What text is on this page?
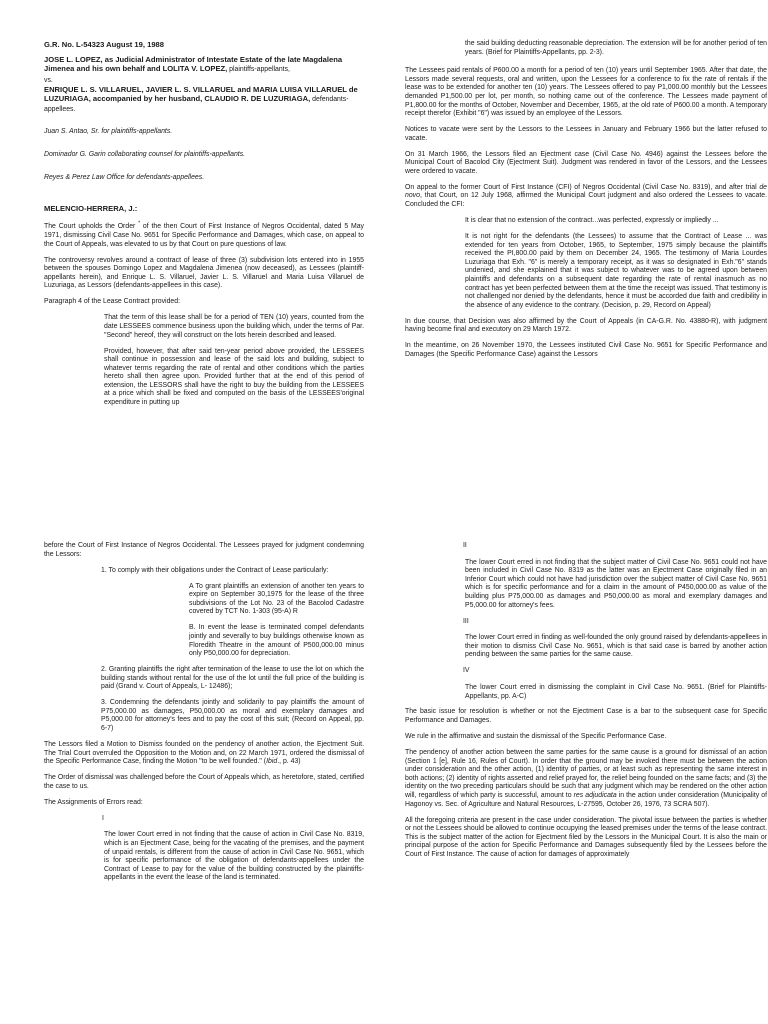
G.R. No. L-54323 August 19, 1988

JOSE L. LOPEZ, as Judicial Administrator of Intestate Estate of the late Magdalena Jimenea and his own behalf and LOLITA V. LOPEZ, plaintiffs-appellants,
vs.
ENRIQUE L. S. VILLARUEL, JAVIER L. S. VILLARUEL and MARIA LUISA VILLARUEL de LUZURIAGA, accompanied by her husband, CLAUDIO R. DE LUZURIAGA, defendants-appellees.

Juan S. Antao, Sr. for plaintiffs-appellants.

Dominador G. Garin collaborating counsel for plaintiffs-appellants.

Reyes & Perez Law Office for defendants-appellees.

MELENCIO-HERRERA, J.:

The Court upholds the Order * of the then Court of First Instance of Negros Occidental, dated 5 May 1971, dismissing Civil Case No. 9651 for Specific Performance and Damages, which case, on appeal to the Court of Appeals, was elevated to us by that Court on pure questions of law.

The controversy revolves around a contract of lease of three (3) subdivision lots entered into in 1955 between the spouses Domingo Lopez and Magdalena Jimenea (now deceased), as Lessees (plaintiff-appellants herein), and Enrique L. S. Villaruel, Javier L. S. Villaruel and Maria Luisa Villaruel de Luzuriaga, as Lessors (defendants-appellees in this case).

Paragraph 4 of the Lease Contract provided:

That the term of this lease shall be for a period of TEN (10) years, counted from the date LESSEES commence business upon the building which, under the terms of Par. "Second" hereof, they will construct on the lots herein described and leased.

Provided, however, that after said ten-year period above provided, the LESSEES shall continue in possession and lease of the said lots and building, subject to whatever terms regarding the rate of rental and other conditions which the parties hereto shall then agree upon. Provided further that at the end of this period of extension, the LESSORS shall have the right to buy the building from the LESSEES at a price which shall be fixed and computed on the basis of the LESSEES'original expenditure in putting up

the said building deducting reasonable depreciation. The extension will be for another period of ten years. (Brief for Plaintiffs-Appellants, pp. 2-3).

The Lessees paid rentals of P600.00 a month for a period of ten (10) years until September 1965. After that date, the Lessors made several requests, oral and written, upon the Lessees for a conference to fix the rate of rentals if the lease was to be extended for another ten (10) years. The Lessees offered to pay P1,000.00 monthly but the Lessees demanded P1,500.00 per lot, per month, so nothing came out of the conference. The Lessees made payment of P1,800.00 for the months of October, November and December, 1965, at the old rate of P600.00 a month. A temporary receipt therefor (Exhibit "6") was issued by an employee of the Lessors.

Notices to vacate were sent by the Lessors to the Lessees in January and February 1966 but the latter refused to vacate.

On 31 March 1966, the Lessors filed an Ejectment case (Civil Case No. 4946) against the Lessees before the Municipal Court of Bacolod City (Ejectment Suit). Judgment was rendered in favor of the Lessors, and the Lessees were ordered to vacate.

On appeal to the former Court of First Instance (CFI) of Negros Occidental (Civil Case No. 8319), and after trial de novo, that Court, on 12 July 1968, affirmed the Municipal Court judgment and also ordered the Lessees to vacate. Concluded the CFI:

It is clear that no extension of the contract...was perfected, expressly or impliedly ...

It is not right for the defendants (the Lessees) to assume that the Contract of Lease ... was extended for ten years from October, 1965, to September, 1975 simply because the plaintiffs received the PI,800.00 paid by them on December 24, 1965. The testimony of Maria Lourdes Luzuriaga that Exh. "6" is merely a temporary receipt, as it was so designated in Exh."6" stands undenied, and she explained that it was subject to whatever was to be agreed upon between plaintiffs and defendants on a subsequent date regarding the rate of rental inasmuch as no contract has yet been perfected between them at the time the receipt was issued. That testimony is not challenged nor denied by the defendants, hence it must be accorded due faith and credibility in the absence of any evidence to the contrary. (Decision, p. 29, Record on Appeal)

In due course, that Decision was also affirmed by the Court of Appeals (in CA-G.R. No. 43880-R), with judgment having become final and executory on 29 March 1972.

In the meantime, on 26 November 1970, the Lessees instituted Civil Case No. 9651 for Specific Performance and Damages (the Specific Performance Case) against the Lessors

before the Court of First Instance of Negros Occidental. The Lessees prayed for judgment condemning the Lessors:

1. To comply with their obligations under the Contract of Lease particularly:

A To grant plaintiffs an extension of another ten years to expire on September 30,1975 for the lease of the three subdivisions of the Lot No. 23 of the Bacolod Cadastre covered by TCT No. 1-303 (95-A) R

B. In event the lease is terminated compel defendants jointly and severally to buy buildings otherwise known as Floredith Theatre in the amount of P500,000.00 minus only P50,000.00 for depreciation.

2. Granting plaintiffs the right after termination of the lease to use the lot on which the building stands without rental for the use of the lot until the full price of the building is paid (Grand v. Court of Appeals, L- 12486);

3. Condemning the defendants jointly and solidarily to pay plaintiffs the amount of P75,000.00 as damages, P50,000.00 as moral and exemplary damages and P5,000.00 for attorney's fees and to pay the cost of this suit; (Record on Appeal, pp. 6-7)

The Lessors filed a Motion to Dismiss founded on the pendency of another action, the Ejectment Suit. The Trial Court overruled the Opposition to the Motion and, on 22 March 1971, ordered the dismissal of the Specific Performance Case, finding the Motion "to be well founded." (Ibid., p. 43)

The Order of dismissal was challenged before the Court of Appeals which, as heretofore, stated, certified the case to us.

The Assignments of Errors read:

I

The lower Court erred in not finding that the cause of action in Civil Case No. 8319, which is an Ejectment Case, being for the vacating of the premises, and the payment of unpaid rentals, is different from the cause of action in Civil Case No. 9651, which is for specific performance of the obligation of defendants-appellees under the Contract of Lease to pay for the value of the building constructed by the plaintiffs-appellants in the event the lease of the land is terminated.

II

The lower Court erred in not finding that the subject matter of Civil Case No. 9651 could not have been included in Civil Case No. 8319 as the latter was an Ejectment Case originally filed in an Inferior Court which could not have had jurisdiction over the subject matter of Civil Case No. 9651 which is for specific performance and for a claim in the amount of P450,000.00 as value of the building plus P75,000.00 as damages and P50,000.00 as moral and exemplary damages and P5,000.00 for attorney's fees.

III

The lower Court erred in finding as well-founded the only ground raised by defendants-appellees in their motion to dismiss Civil Case No. 9651, which is that said case is barred by another action pending between the same parties for the same cause.

IV

The lower Court erred in dismissing the complaint in Civil Case No. 9651. (Brief for Plaintiffs-Appellants, pp. A-C)

The basic issue for resolution is whether or not the Ejectment Case is a bar to the subsequent case for Specific Performance and Damages.

We rule in the affirmative and sustain the dismissal of the Specific Performance Case.

The pendency of another action between the same parties for the same cause is a ground for dismissal of an action (Section 1 [e], Rule 16, Rules of Court). In order that the ground may be invoked there must be between the action under consideration and the other action, (1) identity of parties, or at least such as representing the same interest in both actions; (2) identity of rights asserted and relief prayed for, the relief being founded on the same facts; and (3) the identity on the two preceding particulars should be such that any judgment which may be rendered on the other action will, regardless of which party is successful, amount to res adjudicata in the action under consideration (Municipality of Hagonoy vs. Sec. of Agriculture and Natural Resources, L-27595, October 26, 1976, 73 SCRA 507).

All the foregoing criteria are present in the case under consideration. The pivotal issue between the parties is whether or not the Lessees should be allowed to continue occupying the leased premises under the terms of the lease contract. This is the subject matter of the action for Ejectment filed by the Lessors in the Municipal Court. It is also the main or principal purpose of the action for Specific Performance and Damages subsequently filed by the Lessees before the Court of First Instance. The cause of action for damages of approximately
